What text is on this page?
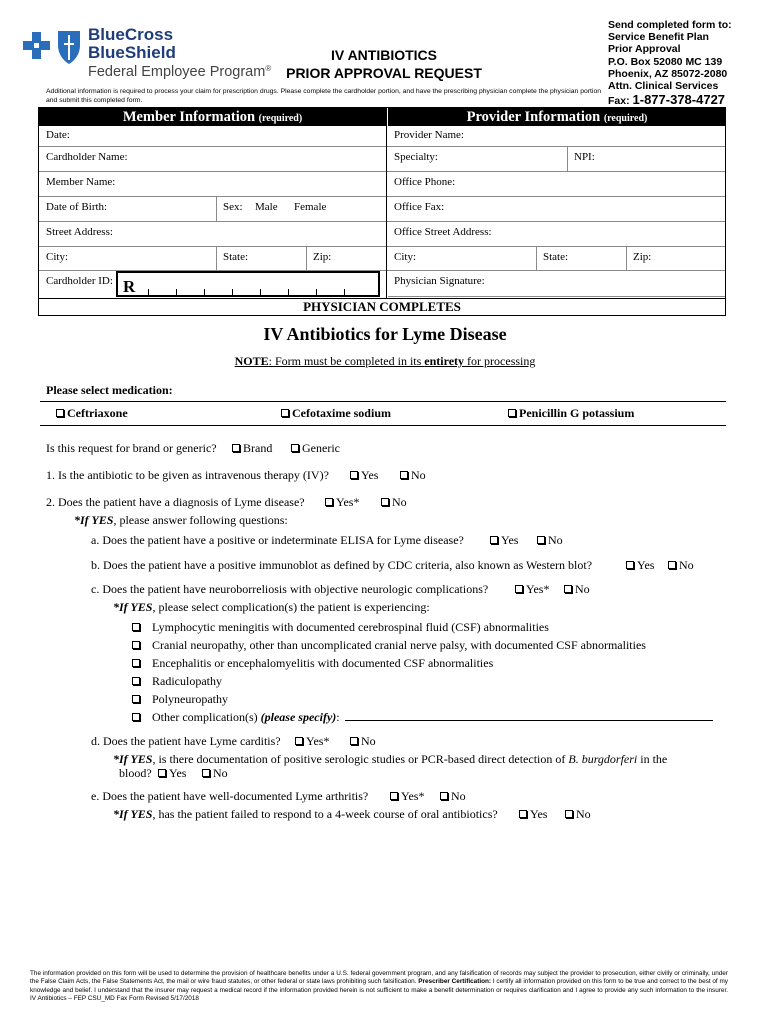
BlueCross
BlueShield
Federal Employee Program®
IV ANTIBIOTICS
PRIOR APPROVAL REQUEST
Additional information is required to process your claim for prescription drugs. Please complete the cardholder portion, and have the prescribing physician complete the physician portion and submit this completed form.
Send completed form to:
Service Benefit Plan
Prior Approval
P.O. Box 52080 MC 139
Phoenix, AZ 85072-2080
Attn. Clinical Services
Fax: 1-877-378-4727
Member Information (required)	Provider Information (required)
Date:
Cardholder Name:
Member Name:
Date of Birth:	Sex: Male Female
Street Address:
City:	State:	Zip:
Cardholder ID: R
Provider Name:
Specialty:	NPI:
Office Phone:
Office Fax:
Office Street Address:
City:	State:	Zip:
Physician Signature:
PHYSICIAN COMPLETES
IV Antibiotics for Lyme Disease
NOTE: Form must be completed in its entirety for processing
Please select medication:
Ceftriaxone	Cefotaxime sodium	Penicillin G potassium
Is this request for brand or generic?	Brand	Generic
1. Is the antibiotic to be given as intravenous therapy (IV)?	Yes	No
2. Does the patient have a diagnosis of Lyme disease?	Yes*	No
*If YES, please answer following questions:
a. Does the patient have a positive or indeterminate ELISA for Lyme disease?	Yes	No
b. Does the patient have a positive immunoblot as defined by CDC criteria, also known as Western blot?	Yes	No
c. Does the patient have neuroborreliosis with objective neurologic complications?	Yes*	No
*If YES, please select complication(s) the patient is experiencing:
Lymphocytic meningitis with documented cerebrospinal fluid (CSF) abnormalities
Cranial neuropathy, other than uncomplicated cranial nerve palsy, with documented CSF abnormalities
Encephalitis or encephalomyelitis with documented CSF abnormalities
Radiculopathy
Polyneuropathy
Other complication(s) (please specify):
d. Does the patient have Lyme carditis?	Yes*	No
*If YES, is there documentation of positive serologic studies or PCR-based direct detection of B. burgdorferi in the
blood?	Yes	No
e. Does the patient have well-documented Lyme arthritis?	Yes*	No
*If YES, has the patient failed to respond to a 4-week course of oral antibiotics?	Yes	No
The information provided on this form will be used to determine the provision of healthcare benefits under a U.S. federal government program, and any falsification of records may subject the provider to prosecution, either civilly or criminally, under the False Claim Acts, the False Statements Act, the mail or wire fraud statutes, or other federal or state laws prohibiting such falsification. Prescriber Certification: I certify all information provided on this form to be true and correct to the best of my knowledge and belief. I understand that the insurer may request a medical record if the information provided herein is not sufficient to make a benefit determination or requires clarification and I agree to provide any such information to the insurer. IV Antibiotics – FEP CSU_MD Fax Form Revised 5/17/2018
